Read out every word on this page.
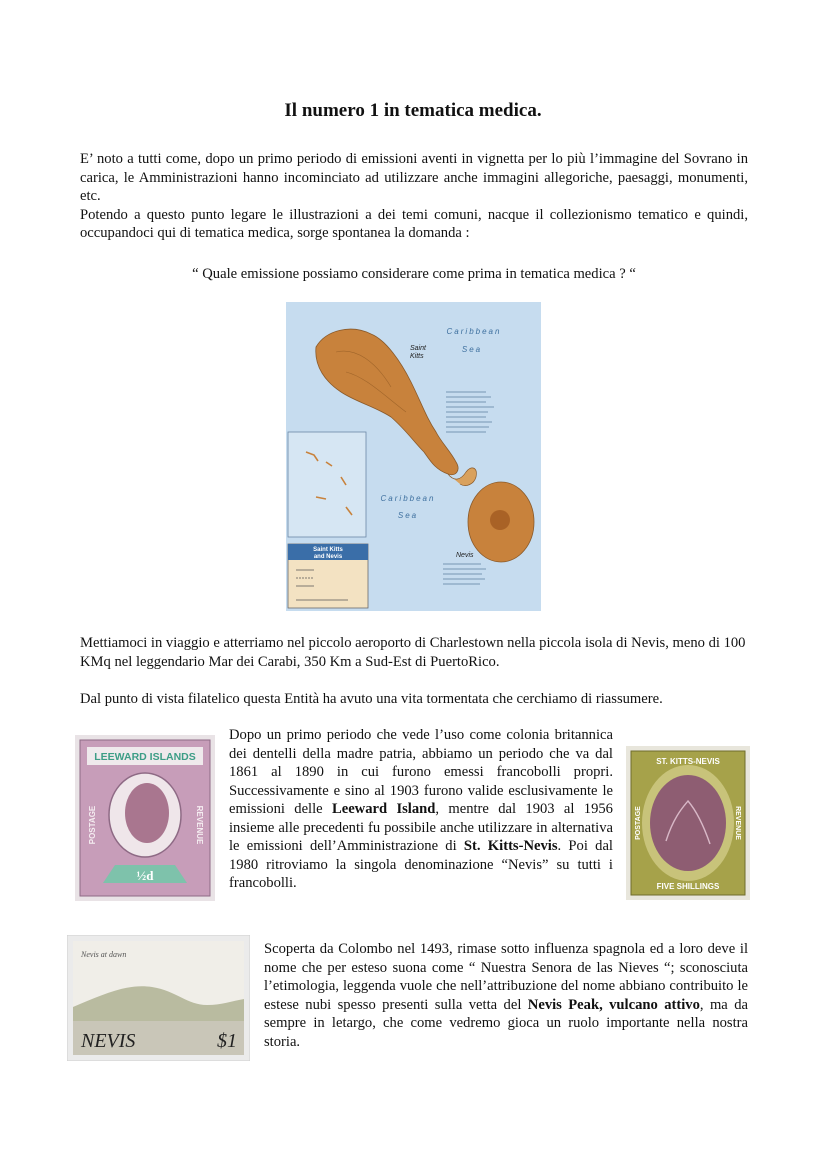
Il numero 1 in tematica medica.

E’ noto a tutti come, dopo un primo periodo di emissioni aventi in vignetta per lo più l’immagine del Sovrano in carica, le Amministrazioni hanno incominciato ad utilizzare anche immagini allegoriche, paesaggi, monumenti, etc.

Potendo a questo punto legare le illustrazioni a dei temi comuni, nacque il collezionismo tematico e quindi, occupandoci qui di tematica medica, sorge spontanea la domanda :

“ Quale emissione possiamo considerare come prima in tematica medica ? “
Saint Kitts
and Nevis
Caribbean
Sea
Caribbean
Sea
Saint
Kitts
Nevis
Mettiamoci in viaggio e atterriamo nel piccolo aeroporto di Charlestown nella piccola isola di Nevis, meno di 100 KMq nel leggendario Mar dei Carabi, 350 Km a Sud-Est di PuertoRico.
Dal punto di vista filatelico questa Entità ha avuto una vita tormentata che cerchiamo di riassumere.
LEEWARD ISLANDS
POSTAGE	REVENUE
½d
Dopo un primo periodo che vede l’uso come colonia britannica dei dentelli della madre patria, abbiamo un periodo che va dal 1861 al 1890 in cui furono emessi francobolli propri. Successivamente e sino al 1903 furono valide esclusivamente le emissioni delle Leeward Island, mentre dal 1903 al 1956 insieme alle precedenti fu possibile anche utilizzare in alternativa le emissioni dell’Amministrazione di St. Kitts-Nevis. Poi dal 1980 ritroviamo la singola denominazione “Nevis” su tutti i francobolli.
ST. KITTS-NEVIS
POSTAGE	REVENUE
FIVE SHILLINGS
Nevis at dawn
NEVIS	$1
Scoperta da Colombo nel 1493, rimase sotto influenza spagnola ed a loro deve il nome che per esteso suona come “ Nuestra Senora de las Nieves “; sconosciuta l’etimologia, leggenda vuole che nell’attribuzione del nome abbiano contribuito le estese nubi spesso presenti sulla vetta del Nevis Peak, vulcano attivo, ma da sempre in letargo, che come vedremo gioca un ruolo importante nella nostra storia.
